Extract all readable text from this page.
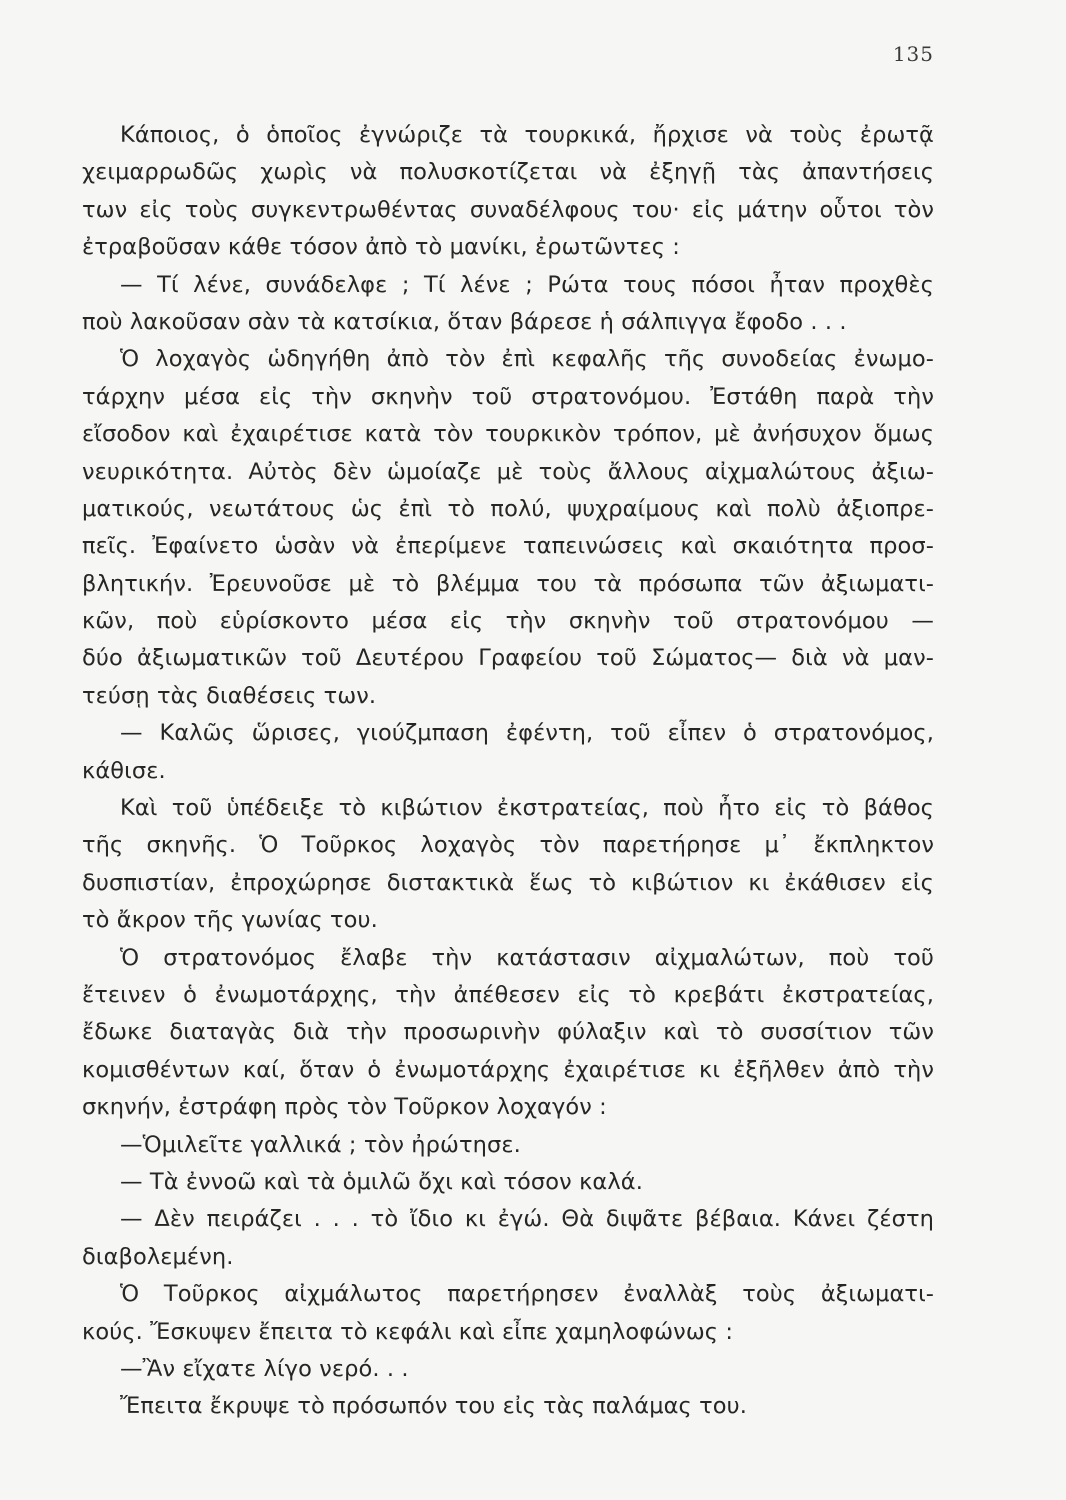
135
Κάποιος, ὁ ὁποῖος ἐγνώριζε τὰ τουρκικά, ἤρχισε νὰ τοὺς ἐρωτᾷ
χειμαρρωδῶς χωρὶς νὰ πολυσκοτίζεται νὰ ἐξηγῇ τὰς ἀπαντήσεις
των εἰς τοὺς συγκεντρωθέντας συναδέλφους του· εἰς μάτην οὗτοι τὸν
ἐτραβοῦσαν κάθε τόσον ἀπὸ τὸ μανίκι, ἐρωτῶντες :
— Τί λένε, συνάδελφε ; Τί λένε ; Ρώτα τους πόσοι ἦταν προχθὲς
ποὺ λακοῦσαν σὰν τὰ κατσίκια, ὅταν βάρεσε ἡ σάλπιγγα ἔφοδο . . .
Ὁ λοχαγὸς ὡδηγήθη ἀπὸ τὸν ἐπὶ κεφαλῆς τῆς συνοδείας ἐνωμο-
τάρχην μέσα εἰς τὴν σκηνὴν τοῦ στρατονόμου. Ἐστάθη παρὰ τὴν
εἴσοδον καὶ ἐχαιρέτισε κατὰ τὸν τουρκικὸν τρόπον, μὲ ἀνήσυχον ὅμως
νευρικότητα. Αὐτὸς δὲν ὡμοίαζε μὲ τοὺς ἄλλους αἰχμαλώτους ἀξιω-
ματικούς, νεωτάτους ὡς ἐπὶ τὸ πολύ, ψυχραίμους καὶ πολὺ ἀξιοπρε-
πεῖς. Ἐφαίνετο ὡσὰν νὰ ἐπερίμενε ταπεινώσεις καὶ σκαιότητα προσ-
βλητικήν. Ἐρευνοῦσε μὲ τὸ βλέμμα του τὰ πρόσωπα τῶν ἀξιωματι-
κῶν, ποὺ εὑρίσκοντο μέσα εἰς τὴν σκηνὴν τοῦ στρατονόμου —
δύο ἀξιωματικῶν τοῦ Δευτέρου Γραφείου τοῦ Σώματος— διὰ νὰ μαν-
τεύσῃ τὰς διαθέσεις των.
— Καλῶς ὥρισες, γιούζμπαση ἐφέντη, τοῦ εἶπεν ὁ στρατονόμος,
κάθισε.
Καὶ τοῦ ὑπέδειξε τὸ κιβώτιον ἐκστρατείας, ποὺ ἦτο εἰς τὸ βάθος
τῆς σκηνῆς. Ὁ Τοῦρκος λοχαγὸς τὸν παρετήρησε μ᾽ ἔκπληκτον
δυσπιστίαν, ἐπροχώρησε διστακτικὰ ἕως τὸ κιβώτιον κι ἐκάθισεν εἰς
τὸ ἄκρον τῆς γωνίας του.
Ὁ στρατονόμος ἔλαβε τὴν κατάστασιν αἰχμαλώτων, ποὺ τοῦ
ἔτεινεν ὁ ἐνωμοτάρχης, τὴν ἀπέθεσεν εἰς τὸ κρεβάτι ἐκστρατείας,
ἔδωκε διαταγὰς διὰ τὴν προσωρινὴν φύλαξιν καὶ τὸ συσσίτιον τῶν
κομισθέντων καί, ὅταν ὁ ἐνωμοτάρχης ἐχαιρέτισε κι ἐξῆλθεν ἀπὸ τὴν
σκηνήν, ἐστράφη πρὸς τὸν Τοῦρκον λοχαγόν :
—Ὁμιλεῖτε γαλλικά ; τὸν ἠρώτησε.
— Τὰ ἐννοῶ καὶ τὰ ὁμιλῶ ὄχι καὶ τόσον καλά.
— Δὲν πειράζει . . . τὸ ἴδιο κι ἐγώ. Θὰ διψᾶτε βέβαια. Κάνει ζέστη
διαβολεμένη.
Ὁ Τοῦρκος αἰχμάλωτος παρετήρησεν ἐναλλὰξ τοὺς ἀξιωματι-
κούς. Ἔσκυψεν ἔπειτα τὸ κεφάλι καὶ εἶπε χαμηλοφώνως :
—Ἂν εἴχατε λίγο νερό. . .
Ἔπειτα ἔκρυψε τὸ πρόσωπόν του εἰς τὰς παλάμας του.
